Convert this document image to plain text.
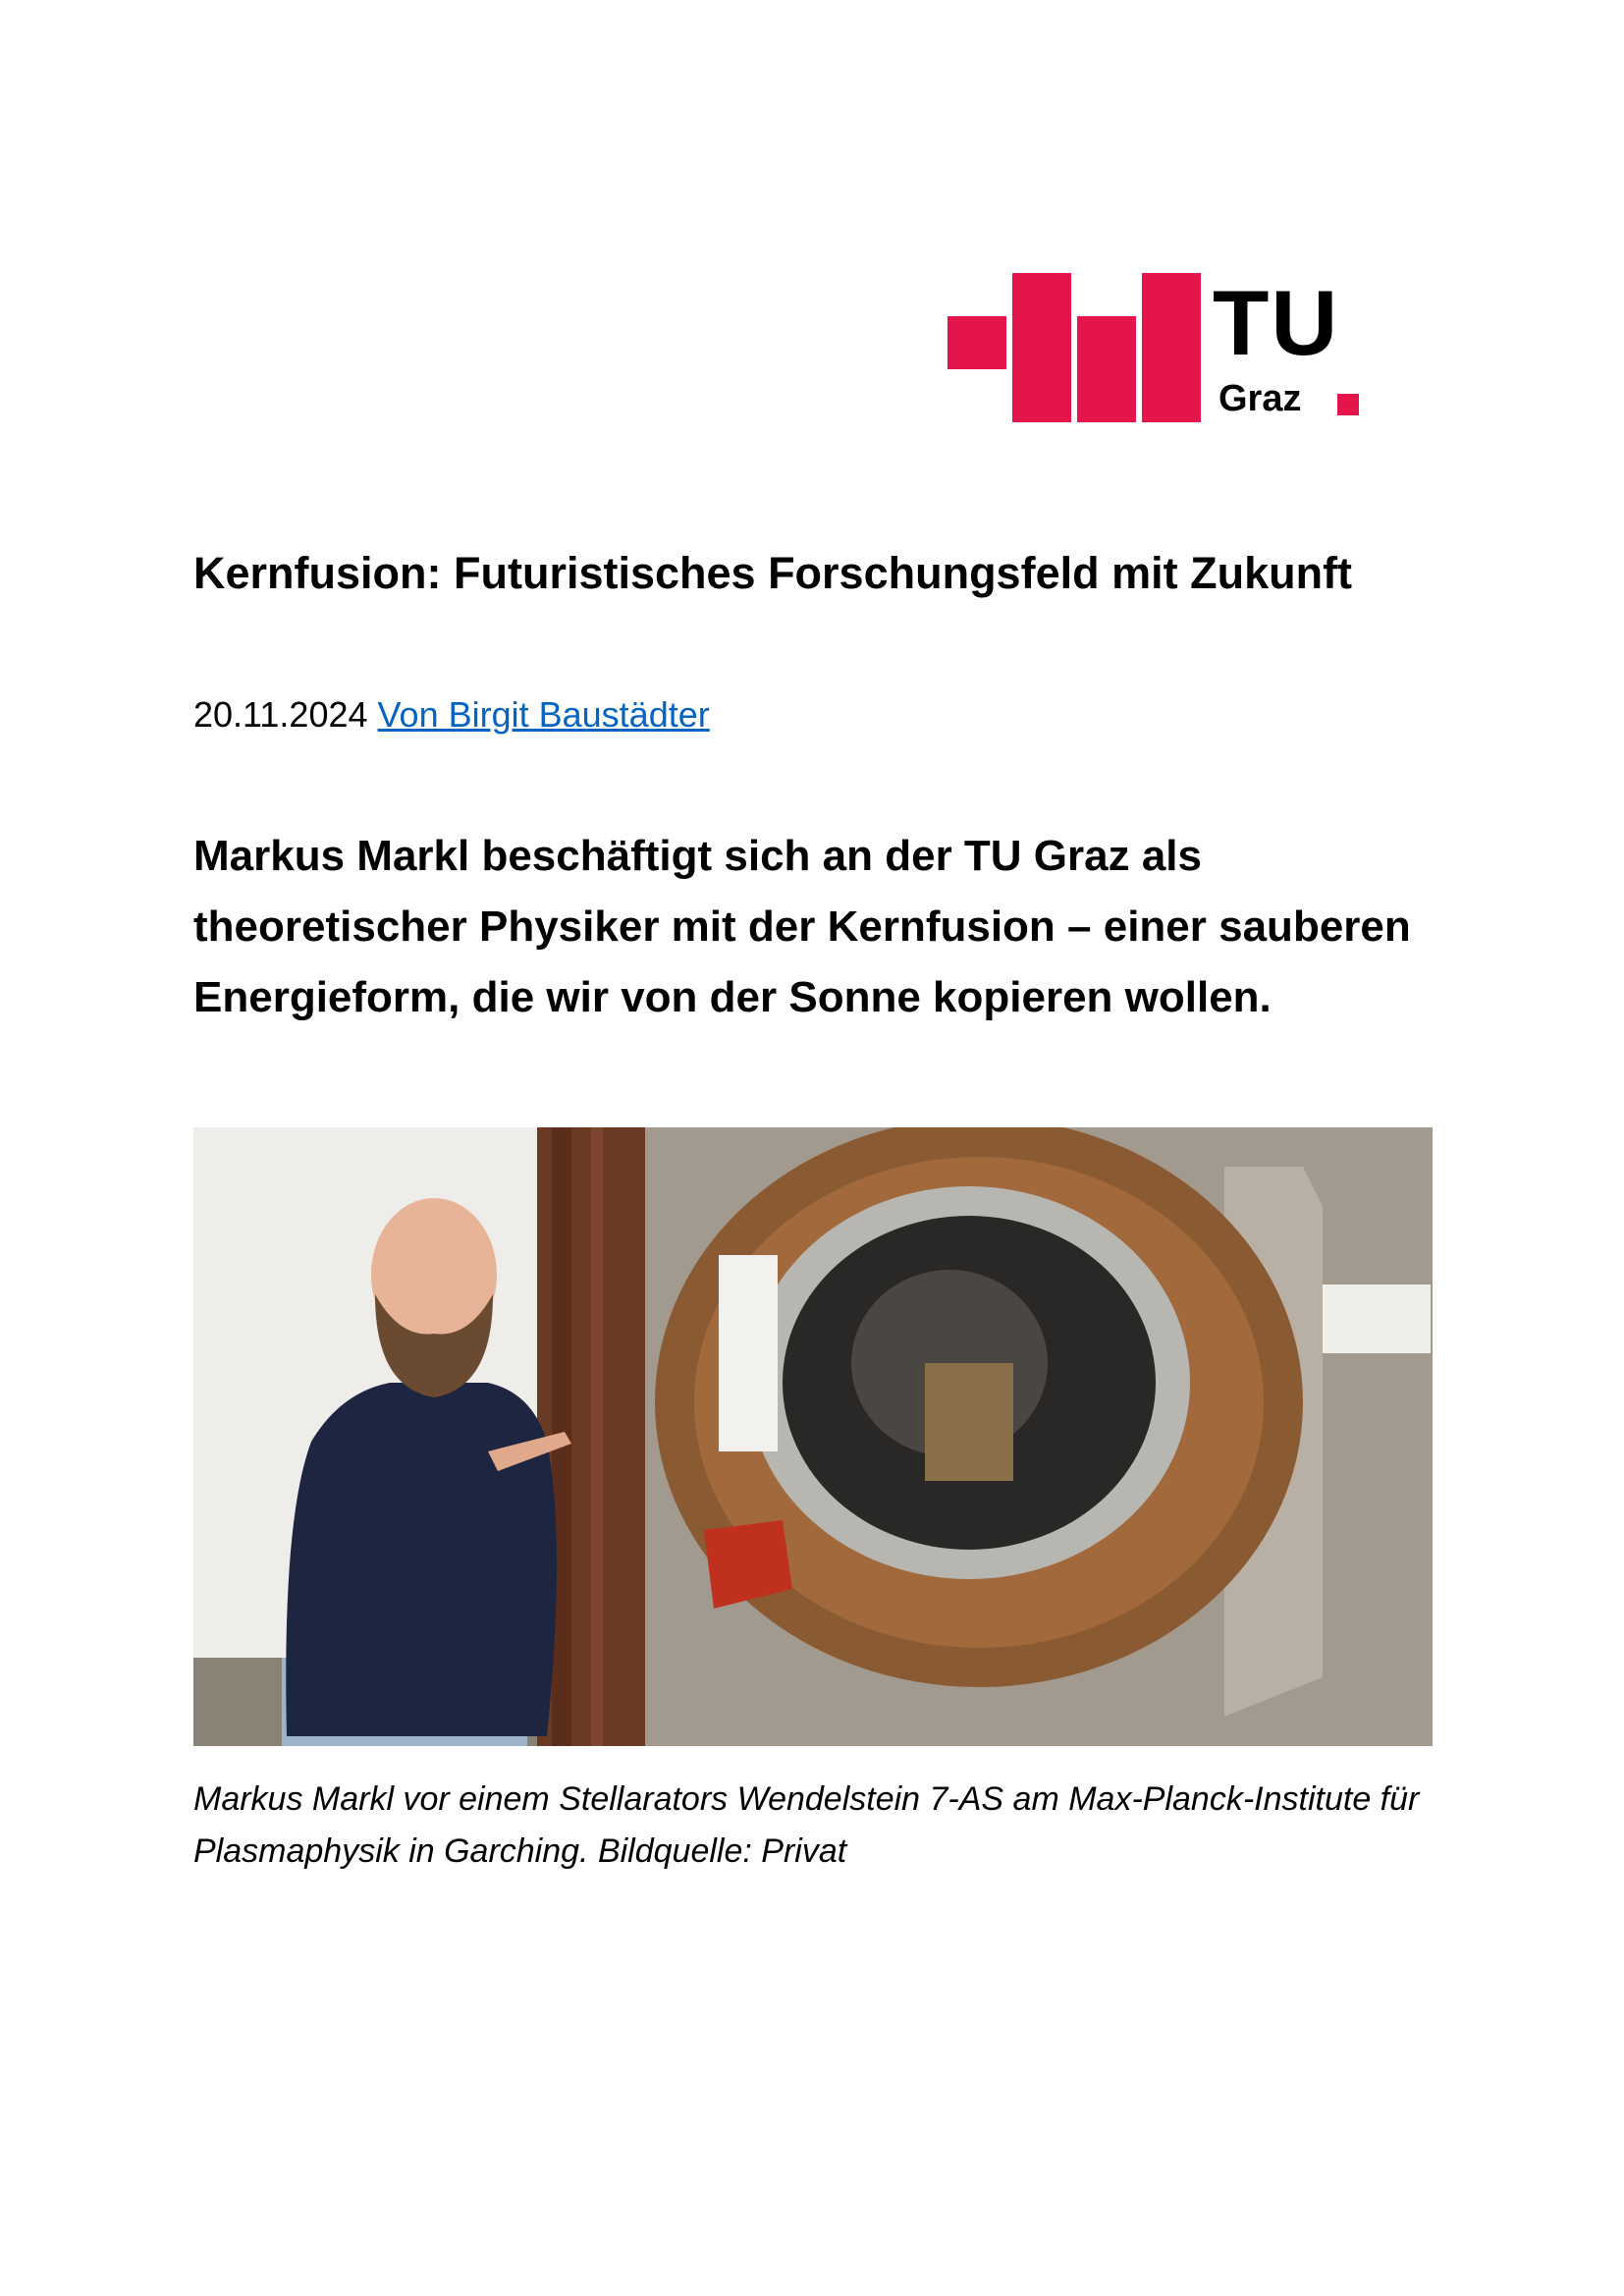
TU
Graz
Kernfusion: Futuristisches Forschungsfeld mit Zukunft
20.11.2024 Von Birgit Baustädter

Markus Markl beschäftigt sich an der TU Graz als theoretischer Physiker mit der Kernfusion – einer sauberen Energieform, die wir von der Sonne kopieren wollen.

Markus Markl vor einem Stellarators Wendelstein 7-AS am Max-Planck-Institute für Plasmaphysik in Garching. Bildquelle: Privat
